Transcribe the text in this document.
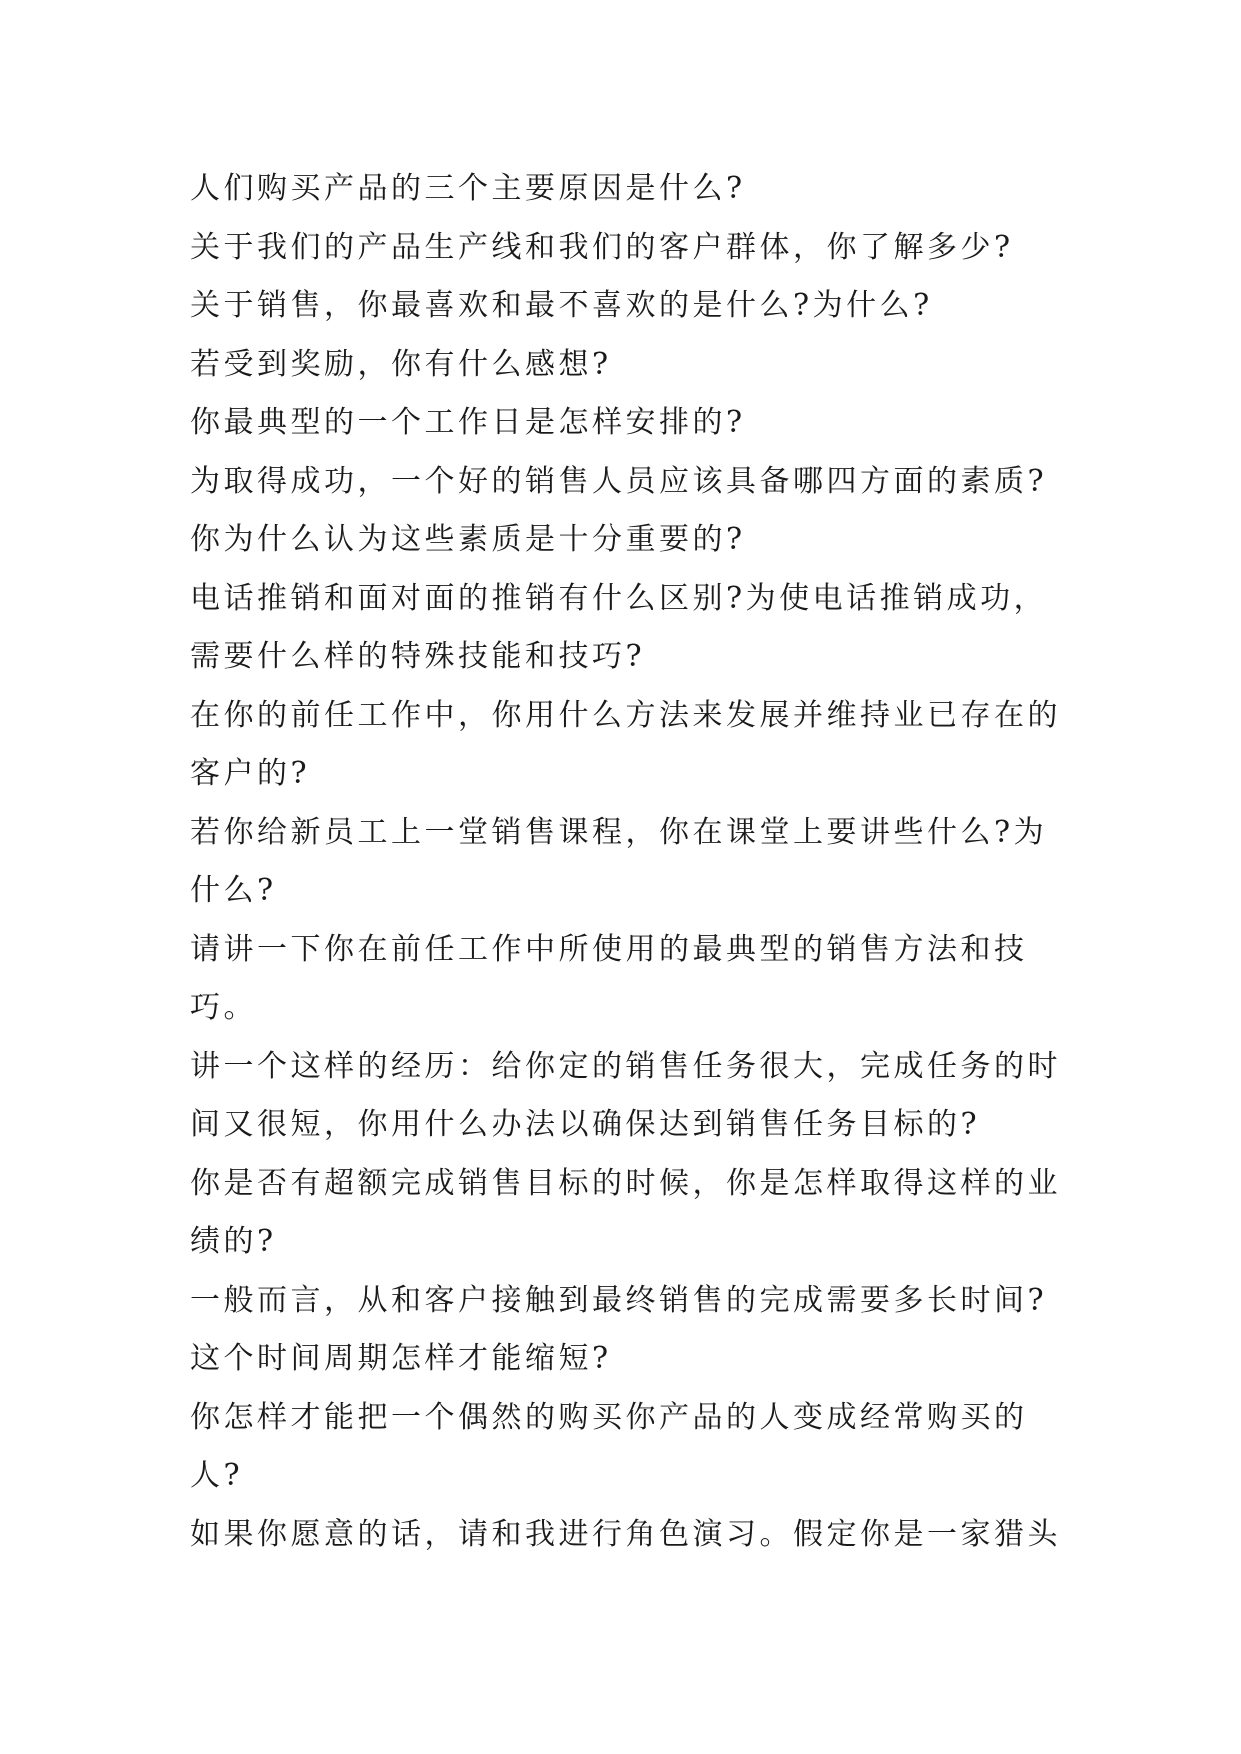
人们购买产品的三个主要原因是什么?
关于我们的产品生产线和我们的客户群体，你了解多少?
关于销售，你最喜欢和最不喜欢的是什么?为什么?
若受到奖励，你有什么感想?
你最典型的一个工作日是怎样安排的?
为取得成功，一个好的销售人员应该具备哪四方面的素质?
你为什么认为这些素质是十分重要的?
电话推销和面对面的推销有什么区别?为使电话推销成功，
需要什么样的特殊技能和技巧?
在你的前任工作中，你用什么方法来发展并维持业已存在的
客户的?
若你给新员工上一堂销售课程，你在课堂上要讲些什么?为
什么?
请讲一下你在前任工作中所使用的最典型的销售方法和技
巧。
讲一个这样的经历：给你定的销售任务很大，完成任务的时
间又很短，你用什么办法以确保达到销售任务目标的?
你是否有超额完成销售目标的时候，你是怎样取得这样的业
绩的?
一般而言，从和客户接触到最终销售的完成需要多长时间?
这个时间周期怎样才能缩短?
你怎样才能把一个偶然的购买你产品的人变成经常购买的
人?
如果你愿意的话，请和我进行角色演习。假定你是一家猎头
